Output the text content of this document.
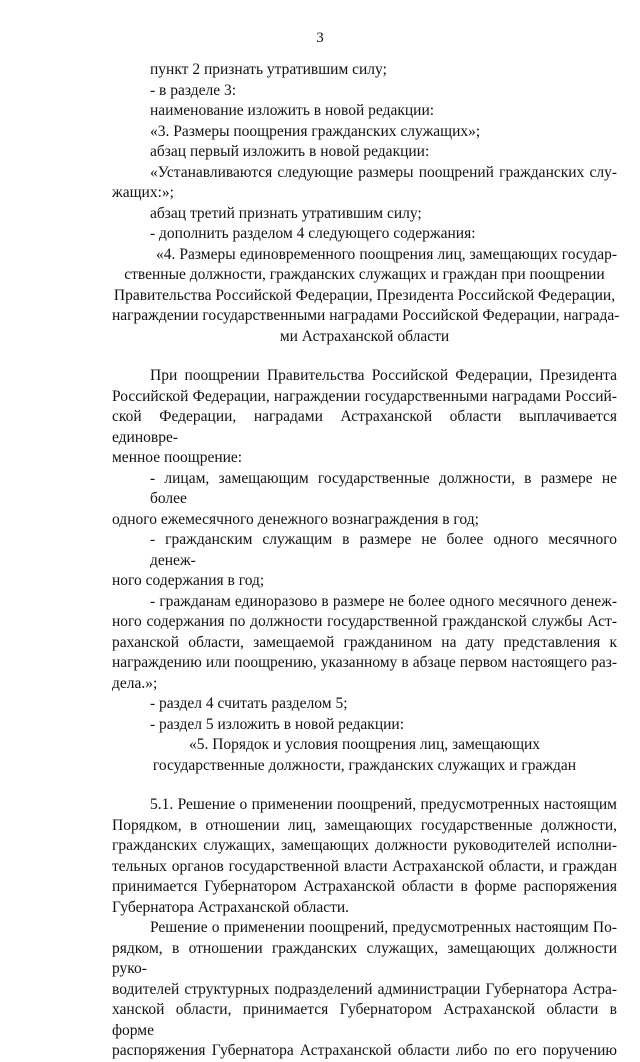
3
пункт 2 признать утратившим силу;
- в разделе 3:
наименование изложить в новой редакции:
«3. Размеры поощрения гражданских служащих»;
абзац первый изложить в новой редакции:
«Устанавливаются следующие размеры поощрений гражданских слу-
жащих:»;
абзац третий признать утратившим силу;
- дополнить разделом 4 следующего содержания:
«4. Размеры единовременного поощрения лиц, замещающих государ-
ственные должности, гражданских служащих и граждан при поощрении
Правительства Российской Федерации, Президента Российской Федерации,
награждении государственными наградами Российской Федерации, награда-
ми Астраханской области
При поощрении Правительства Российской Федерации, Президента
Российской Федерации, награждении государственными наградами Россий-
ской Федерации, наградами Астраханской области выплачивается единовре-
менное поощрение:
- лицам, замещающим государственные должности, в размере не более
одного ежемесячного денежного вознаграждения в год;
- гражданским служащим в размере не более одного месячного денеж-
ного содержания в год;
- гражданам единоразово в размере не более одного месячного денеж-
ного содержания по должности государственной гражданской службы Аст-
раханской области, замещаемой гражданином на дату представления к
награждению или поощрению, указанному в абзаце первом настоящего раз-
дела.»;
- раздел 4 считать разделом 5;
- раздел 5 изложить в новой редакции:
«5. Порядок и условия поощрения лиц, замещающих
государственные должности, гражданских служащих и граждан
5.1. Решение о применении поощрений, предусмотренных настоящим
Порядком, в отношении лиц, замещающих государственные должности,
гражданских служащих, замещающих должности руководителей исполни-
тельных органов государственной власти Астраханской области, и граждан
принимается Губернатором Астраханской области в форме распоряжения
Губернатора Астраханской области.
Решение о применении поощрений, предусмотренных настоящим По-
рядком, в отношении гражданских служащих, замещающих должности руко-
водителей структурных подразделений администрации Губернатора Астра-
ханской области, принимается Губернатором Астраханской области в форме
распоряжения Губернатора Астраханской области либо по его поручению
